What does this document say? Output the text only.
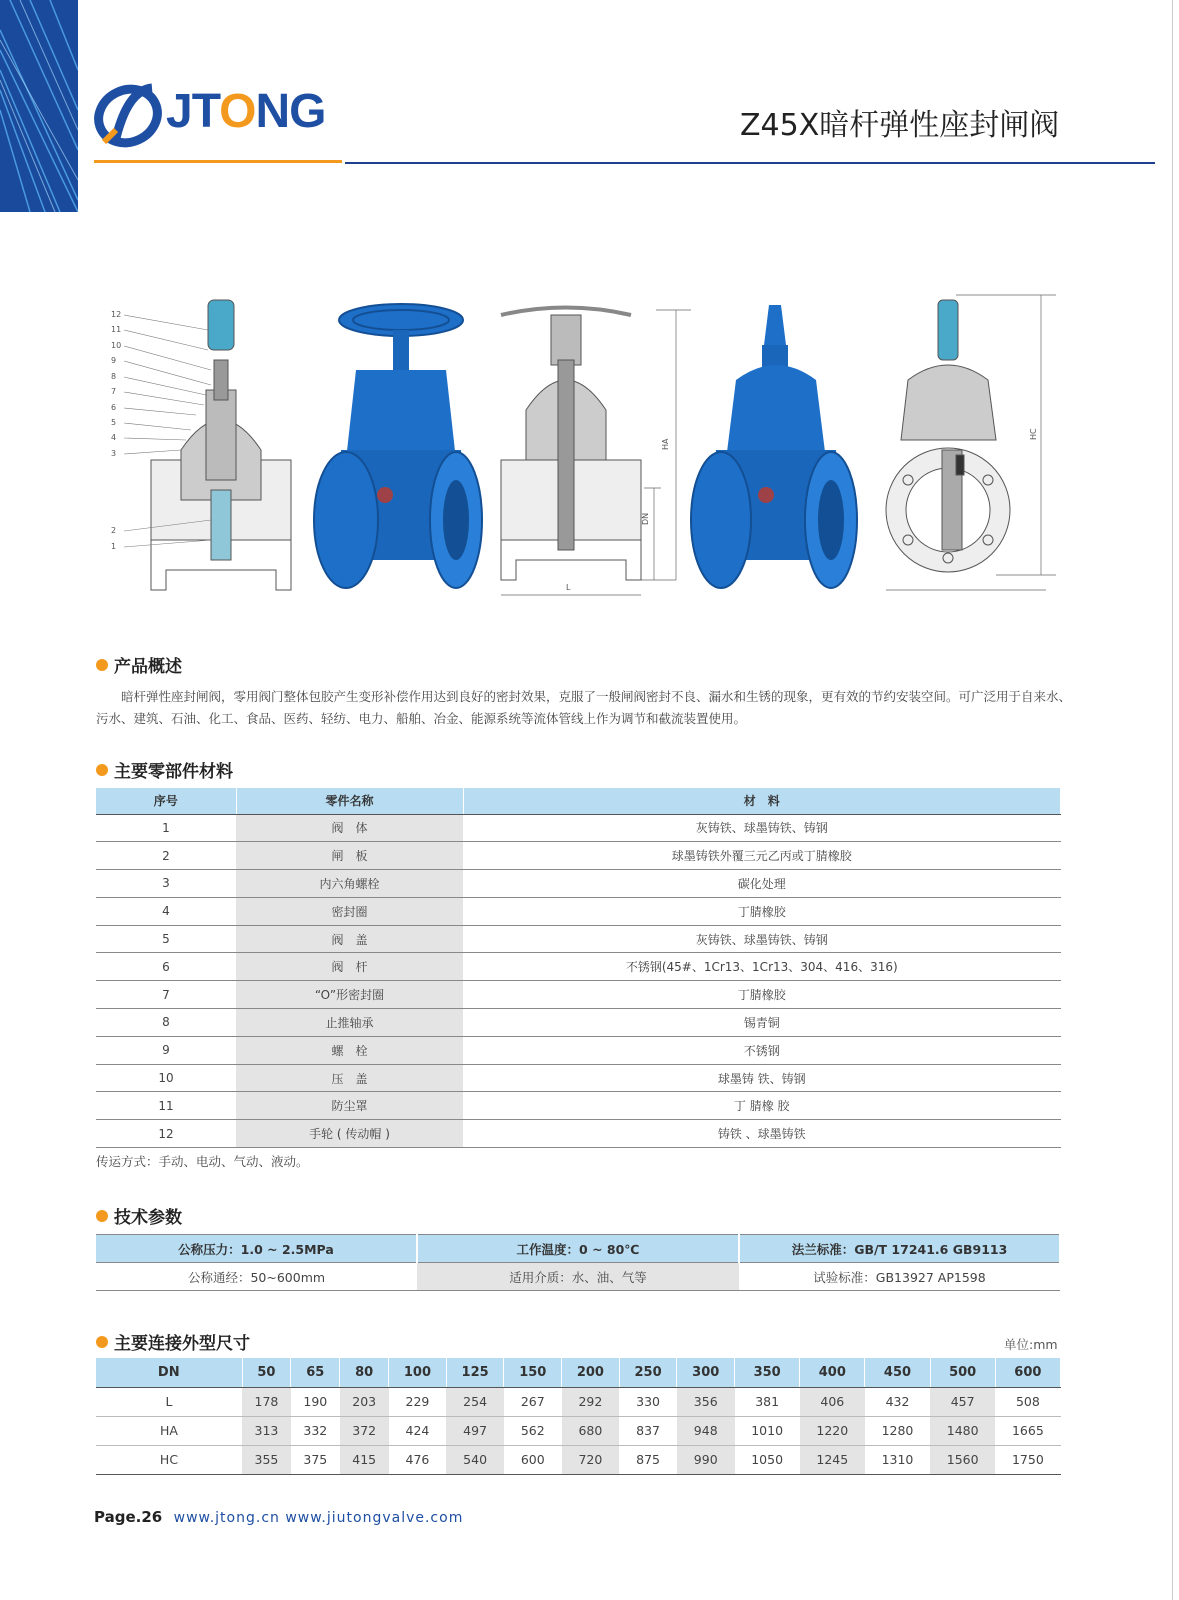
JTONG	Z45X暗杆弹性座封闸阀
12
11
10
9
8
7
6
5
4
3
2
1
HA
DN
L
HC
产品概述
暗杆弹性座封闸阀，零用阀门整体包胶产生变形补偿作用达到良好的密封效果，克服了一般闸阀密封不良、漏水和生锈的现象，更有效的节约安装空间。可广泛用于自来水、污水、建筑、石油、化工、食品、医药、轻纺、电力、船舶、冶金、能源系统等流体管线上作为调节和截流装置使用。
主要零部件材料
序号	零件名称	材　料
1	阀　体	灰铸铁、球墨铸铁、铸钢
2	闸　板	球墨铸铁外覆三元乙丙或丁腈橡胶
3	内六角螺栓	碳化处理
4	密封圈	丁腈橡胶
5	阀　盖	灰铸铁、球墨铸铁、铸钢
6	阀　杆	不锈钢(45#、1Cr13、1Cr13、304、416、316)
7	“O”形密封圈	丁腈橡胶
8	止推轴承	锡青铜
9	螺　栓	不锈钢
10	压　盖	球墨铸 铁、铸钢
11	防尘罩	丁 腈橡 胶
12	手轮 ( 传动帽 )	铸铁 、球墨铸铁
传运方式：手动、电动、气动、液动。
技术参数
公称压力：1.0 ~ 2.5MPa	工作温度：0 ~ 80℃	法兰标准：GB/T 17241.6 GB9113
公称通经：50~600mm	适用介质：水、油、气等	试验标准：GB13927 AP1598
主要连接外型尺寸	单位:mm
DN	50	65	80	100	125	150	200	250	300	350	400	450	500	600
L	178	190	203	229	254	267	292	330	356	381	406	432	457	508
HA	313	332	372	424	497	562	680	837	948	1010	1220	1280	1480	1665
HC	355	375	415	476	540	600	720	875	990	1050	1245	1310	1560	1750
Page.26 www.jtong.cn www.jiutongvalve.com
